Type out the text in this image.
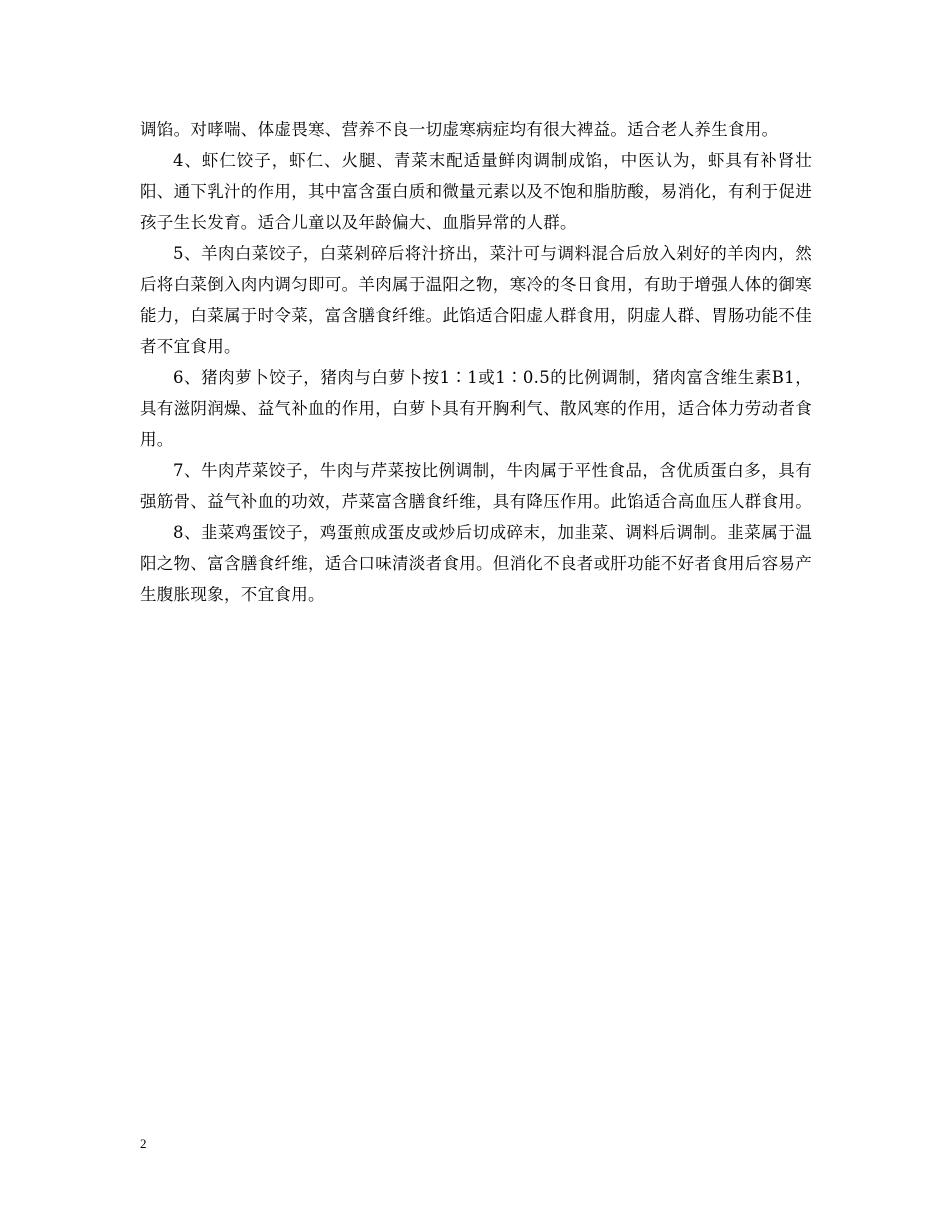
调馅。对哮喘、体虚畏寒、营养不良一切虚寒病症均有很大裨益。适合老人养生食用。

4、虾仁饺子，虾仁、火腿、青菜末配适量鲜肉调制成馅，中医认为，虾具有补肾壮阳、通下乳汁的作用，其中富含蛋白质和微量元素以及不饱和脂肪酸，易消化，有利于促进孩子生长发育。适合儿童以及年龄偏大、血脂异常的人群。

5、羊肉白菜饺子，白菜剁碎后将汁挤出，菜汁可与调料混合后放入剁好的羊肉内，然后将白菜倒入肉内调匀即可。羊肉属于温阳之物，寒冷的冬日食用，有助于增强人体的御寒能力，白菜属于时令菜，富含膳食纤维。此馅适合阳虚人群食用，阴虚人群、胃肠功能不佳者不宜食用。

6、猪肉萝卜饺子，猪肉与白萝卜按1∶1或1∶0.5的比例调制，猪肉富含维生素B1，具有滋阴润燥、益气补血的作用，白萝卜具有开胸利气、散风寒的作用，适合体力劳动者食用。

7、牛肉芹菜饺子，牛肉与芹菜按比例调制，牛肉属于平性食品，含优质蛋白多，具有强筋骨、益气补血的功效，芹菜富含膳食纤维，具有降压作用。此馅适合高血压人群食用。

8、韭菜鸡蛋饺子，鸡蛋煎成蛋皮或炒后切成碎末，加韭菜、调料后调制。韭菜属于温阳之物、富含膳食纤维，适合口味清淡者食用。但消化不良者或肝功能不好者食用后容易产生腹胀现象，不宜食用。

2
